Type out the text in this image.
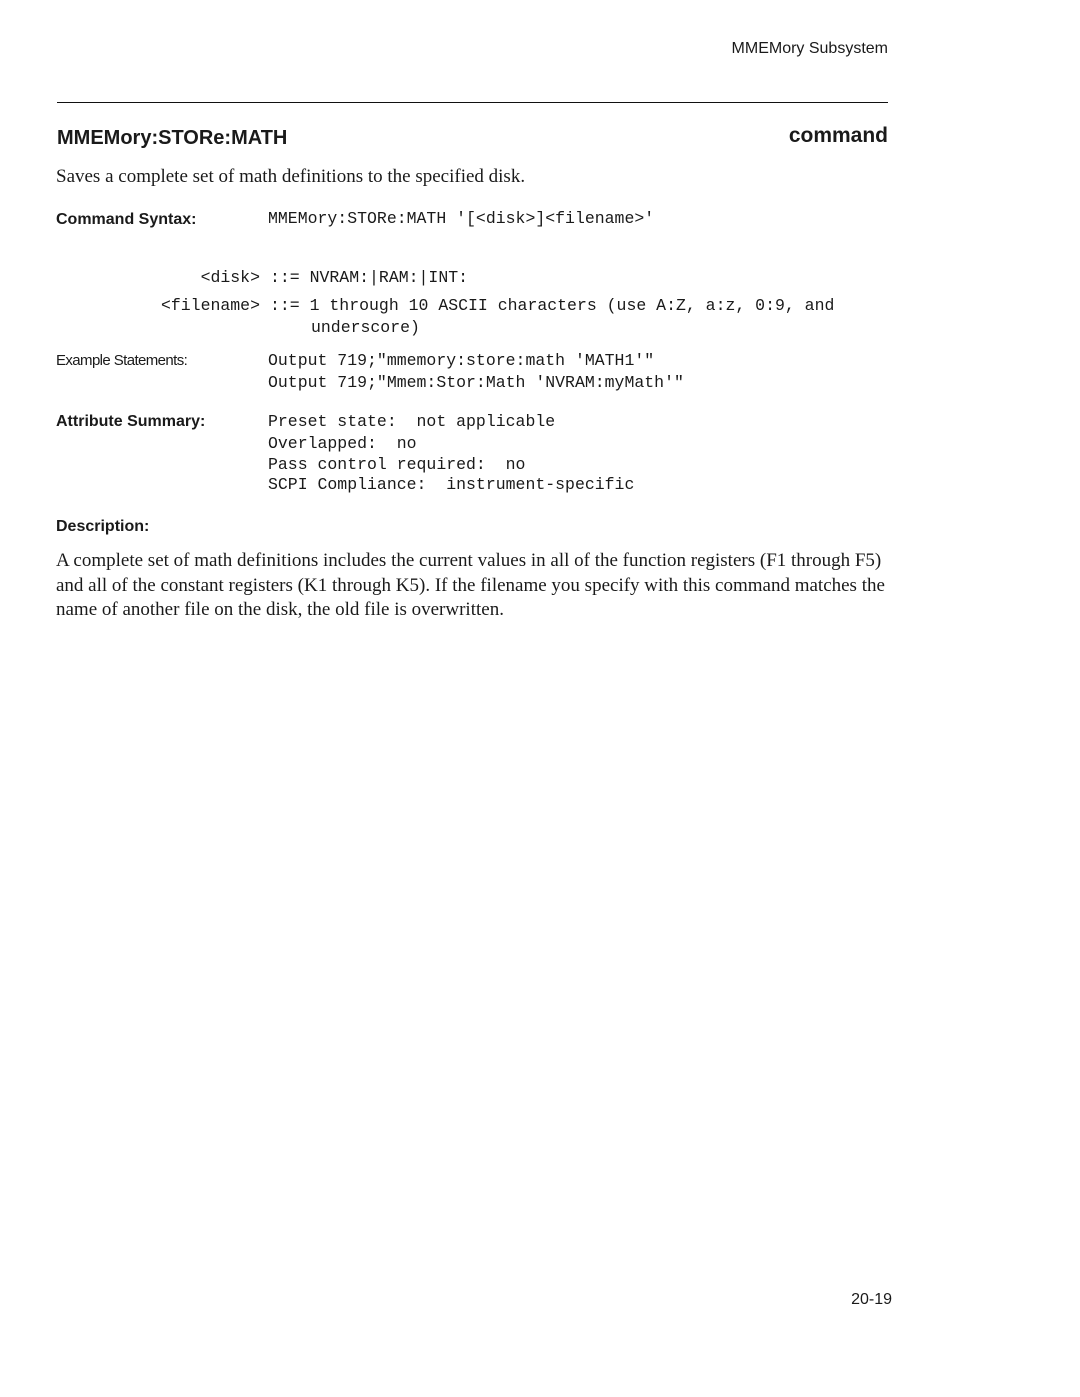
MMEMory Subsystem
MMEMory:STORe:MATH	command
Saves a complete set of math definitions to the specified disk.
Command Syntax:	MMEMory:STORe:MATH '[<disk>]<filename>'
<disk> ::= NVRAM:|RAM:|INT:
<filename> ::= 1 through 10 ASCII characters (use A:Z, a:z, 0:9, and
underscore)
Example Statements:	Output 719;"mmemory:store:math 'MATH1'"
Output 719;"Mmem:Stor:Math 'NVRAM:myMath'"
Attribute Summary:	Preset state:  not applicable
Overlapped:  no
Pass control required:  no
SCPI Compliance:  instrument-specific
Description:
A complete set of math definitions includes the current values in all of the function registers (F1 through F5) and all of the constant registers (K1 through K5). If the filename you specify with this command matches the name of another file on the disk, the old file is overwritten.
20-19
